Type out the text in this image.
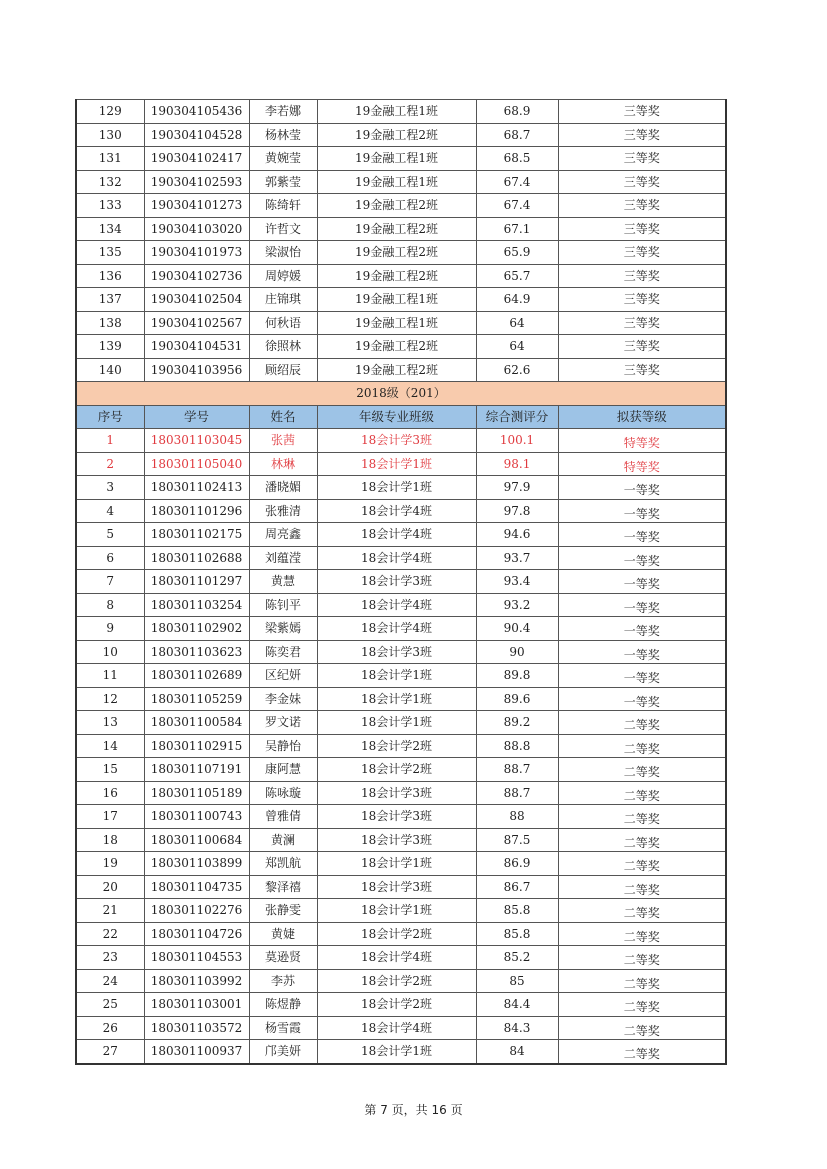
129	190304105436	李若娜	19金融工程1班	68.9	三等奖
130	190304104528	杨林莹	19金融工程2班	68.7	三等奖
131	190304102417	黄婉莹	19金融工程1班	68.5	三等奖
132	190304102593	郭紫莹	19金融工程1班	67.4	三等奖
133	190304101273	陈绮轩	19金融工程2班	67.4	三等奖
134	190304103020	许哲文	19金融工程2班	67.1	三等奖
135	190304101973	梁淑怡	19金融工程2班	65.9	三等奖
136	190304102736	周婷媛	19金融工程2班	65.7	三等奖
137	190304102504	庄锦琪	19金融工程1班	64.9	三等奖
138	190304102567	何秋语	19金融工程1班	64	三等奖
139	190304104531	徐照林	19金融工程2班	64	三等奖
140	190304103956	顾绍辰	19金融工程2班	62.6	三等奖
2018级（201）					
序号	学号	姓名	年级专业班级	综合测评分	拟获等级
1	180301103045	张茜	18会计学3班	100.1	特等奖
2	180301105040	林琳	18会计学1班	98.1	特等奖
3	180301102413	潘晓媚	18会计学1班	97.9	一等奖
4	180301101296	张雅清	18会计学4班	97.8	一等奖
5	180301102175	周亮鑫	18会计学4班	94.6	一等奖
6	180301102688	刘蕴滢	18会计学4班	93.7	一等奖
7	180301101297	黄慧	18会计学3班	93.4	一等奖
8	180301103254	陈钊平	18会计学4班	93.2	一等奖
9	180301102902	梁紫嫣	18会计学4班	90.4	一等奖
10	180301103623	陈奕君	18会计学3班	90	一等奖
11	180301102689	区纪妍	18会计学1班	89.8	一等奖
12	180301105259	李金妹	18会计学1班	89.6	一等奖
13	180301100584	罗文诺	18会计学1班	89.2	二等奖
14	180301102915	吴静怡	18会计学2班	88.8	二等奖
15	180301107191	康阿慧	18会计学2班	88.7	二等奖
16	180301105189	陈咏璇	18会计学3班	88.7	二等奖
17	180301100743	曾雅倩	18会计学3班	88	二等奖
18	180301100684	黄澜	18会计学3班	87.5	二等奖
19	180301103899	郑凯航	18会计学1班	86.9	二等奖
20	180301104735	黎泽禧	18会计学3班	86.7	二等奖
21	180301102276	张静雯	18会计学1班	85.8	二等奖
22	180301104726	黄婕	18会计学2班	85.8	二等奖
23	180301104553	莫逊贤	18会计学4班	85.2	二等奖
24	180301103992	李苏	18会计学2班	85	二等奖
25	180301103001	陈煜静	18会计学2班	84.4	二等奖
26	180301103572	杨雪霞	18会计学4班	84.3	二等奖
27	180301100937	邝美妍	18会计学1班	84	二等奖
第 7 页，共 16 页
